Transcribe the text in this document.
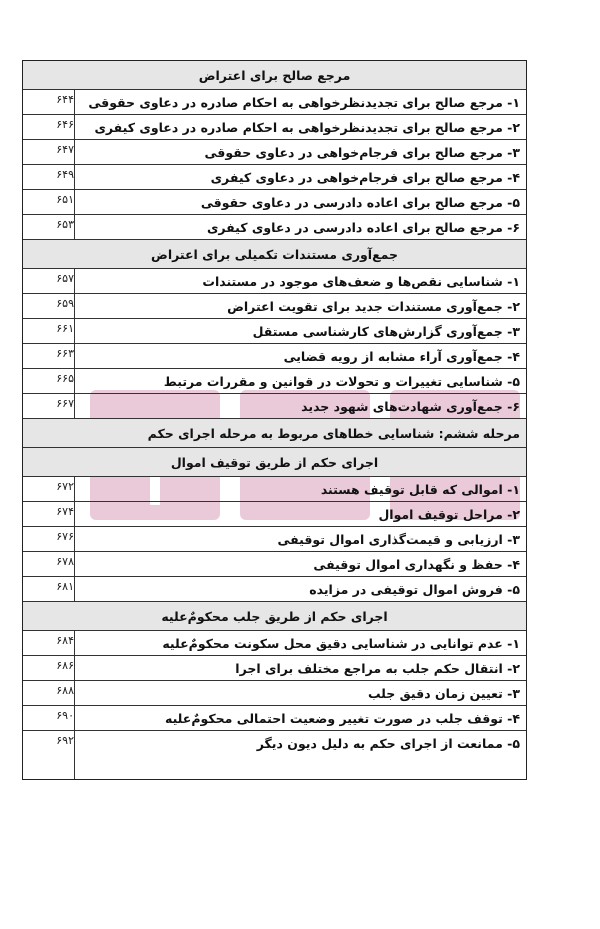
مرجع صالح برای اعتراض
۱- مرجع صالح برای تجدیدنظرخواهی به احکام صادره در دعاوی حقوقی
۶۴۴
۲- مرجع صالح برای تجدیدنظرخواهی به احکام صادره در دعاوی کیفری
۶۴۶
۳- مرجع صالح برای فرجام‌خواهی در دعاوی حقوقی
۶۴۷
۴- مرجع صالح برای فرجام‌خواهی در دعاوی کیفری
۶۴۹
۵- مرجع صالح برای اعاده دادرسی در دعاوی حقوقی
۶۵۱
۶- مرجع صالح برای اعاده دادرسی در دعاوی کیفری
۶۵۳
جمع‌آوری مستندات تکمیلی برای اعتراض
۱- شناسایی نقص‌ها و ضعف‌های موجود در مستندات
۶۵۷
۲- جمع‌آوری مستندات جدید برای تقویت اعتراض
۶۵۹
۳- جمع‌آوری گزارش‌های کارشناسی مستقل
۶۶۱
۴- جمع‌آوری آراء مشابه از رویه قضایی
۶۶۳
۵- شناسایی تغییرات و تحولات در قوانین و مقررات مرتبط
۶۶۵
۶- جمع‌آوری شهادت‌های شهود جدید
۶۶۷
مرحله ششم: شناسایی خطاهای مربوط به مرحله اجرای حکم
اجرای حکم از طریق توقیف اموال
۱- اموالی که قابل توقیف هستند
۶۷۲
۲- مراحل توقیف اموال
۶۷۴
۳- ارزیابی و قیمت‌گذاری اموال توقیفی
۶۷۶
۴- حفظ و نگهداری اموال توقیفی
۶۷۸
۵- فروش اموال توقیفی در مزایده
۶۸۱
اجرای حکم از طریق جلب محکومٌ‌علیه
۱- عدم توانایی در شناسایی دقیق محل سکونت محکومٌ‌علیه
۶۸۴
۲- انتقال حکم جلب به مراجع مختلف برای اجرا
۶۸۶
۳- تعیین زمان دقیق جلب
۶۸۸
۴- توقف جلب در صورت تغییر وضعیت احتمالی محکومٌ‌علیه
۶۹۰
۵- ممانعت از اجرای حکم به دلیل دیون دیگر
۶۹۲
